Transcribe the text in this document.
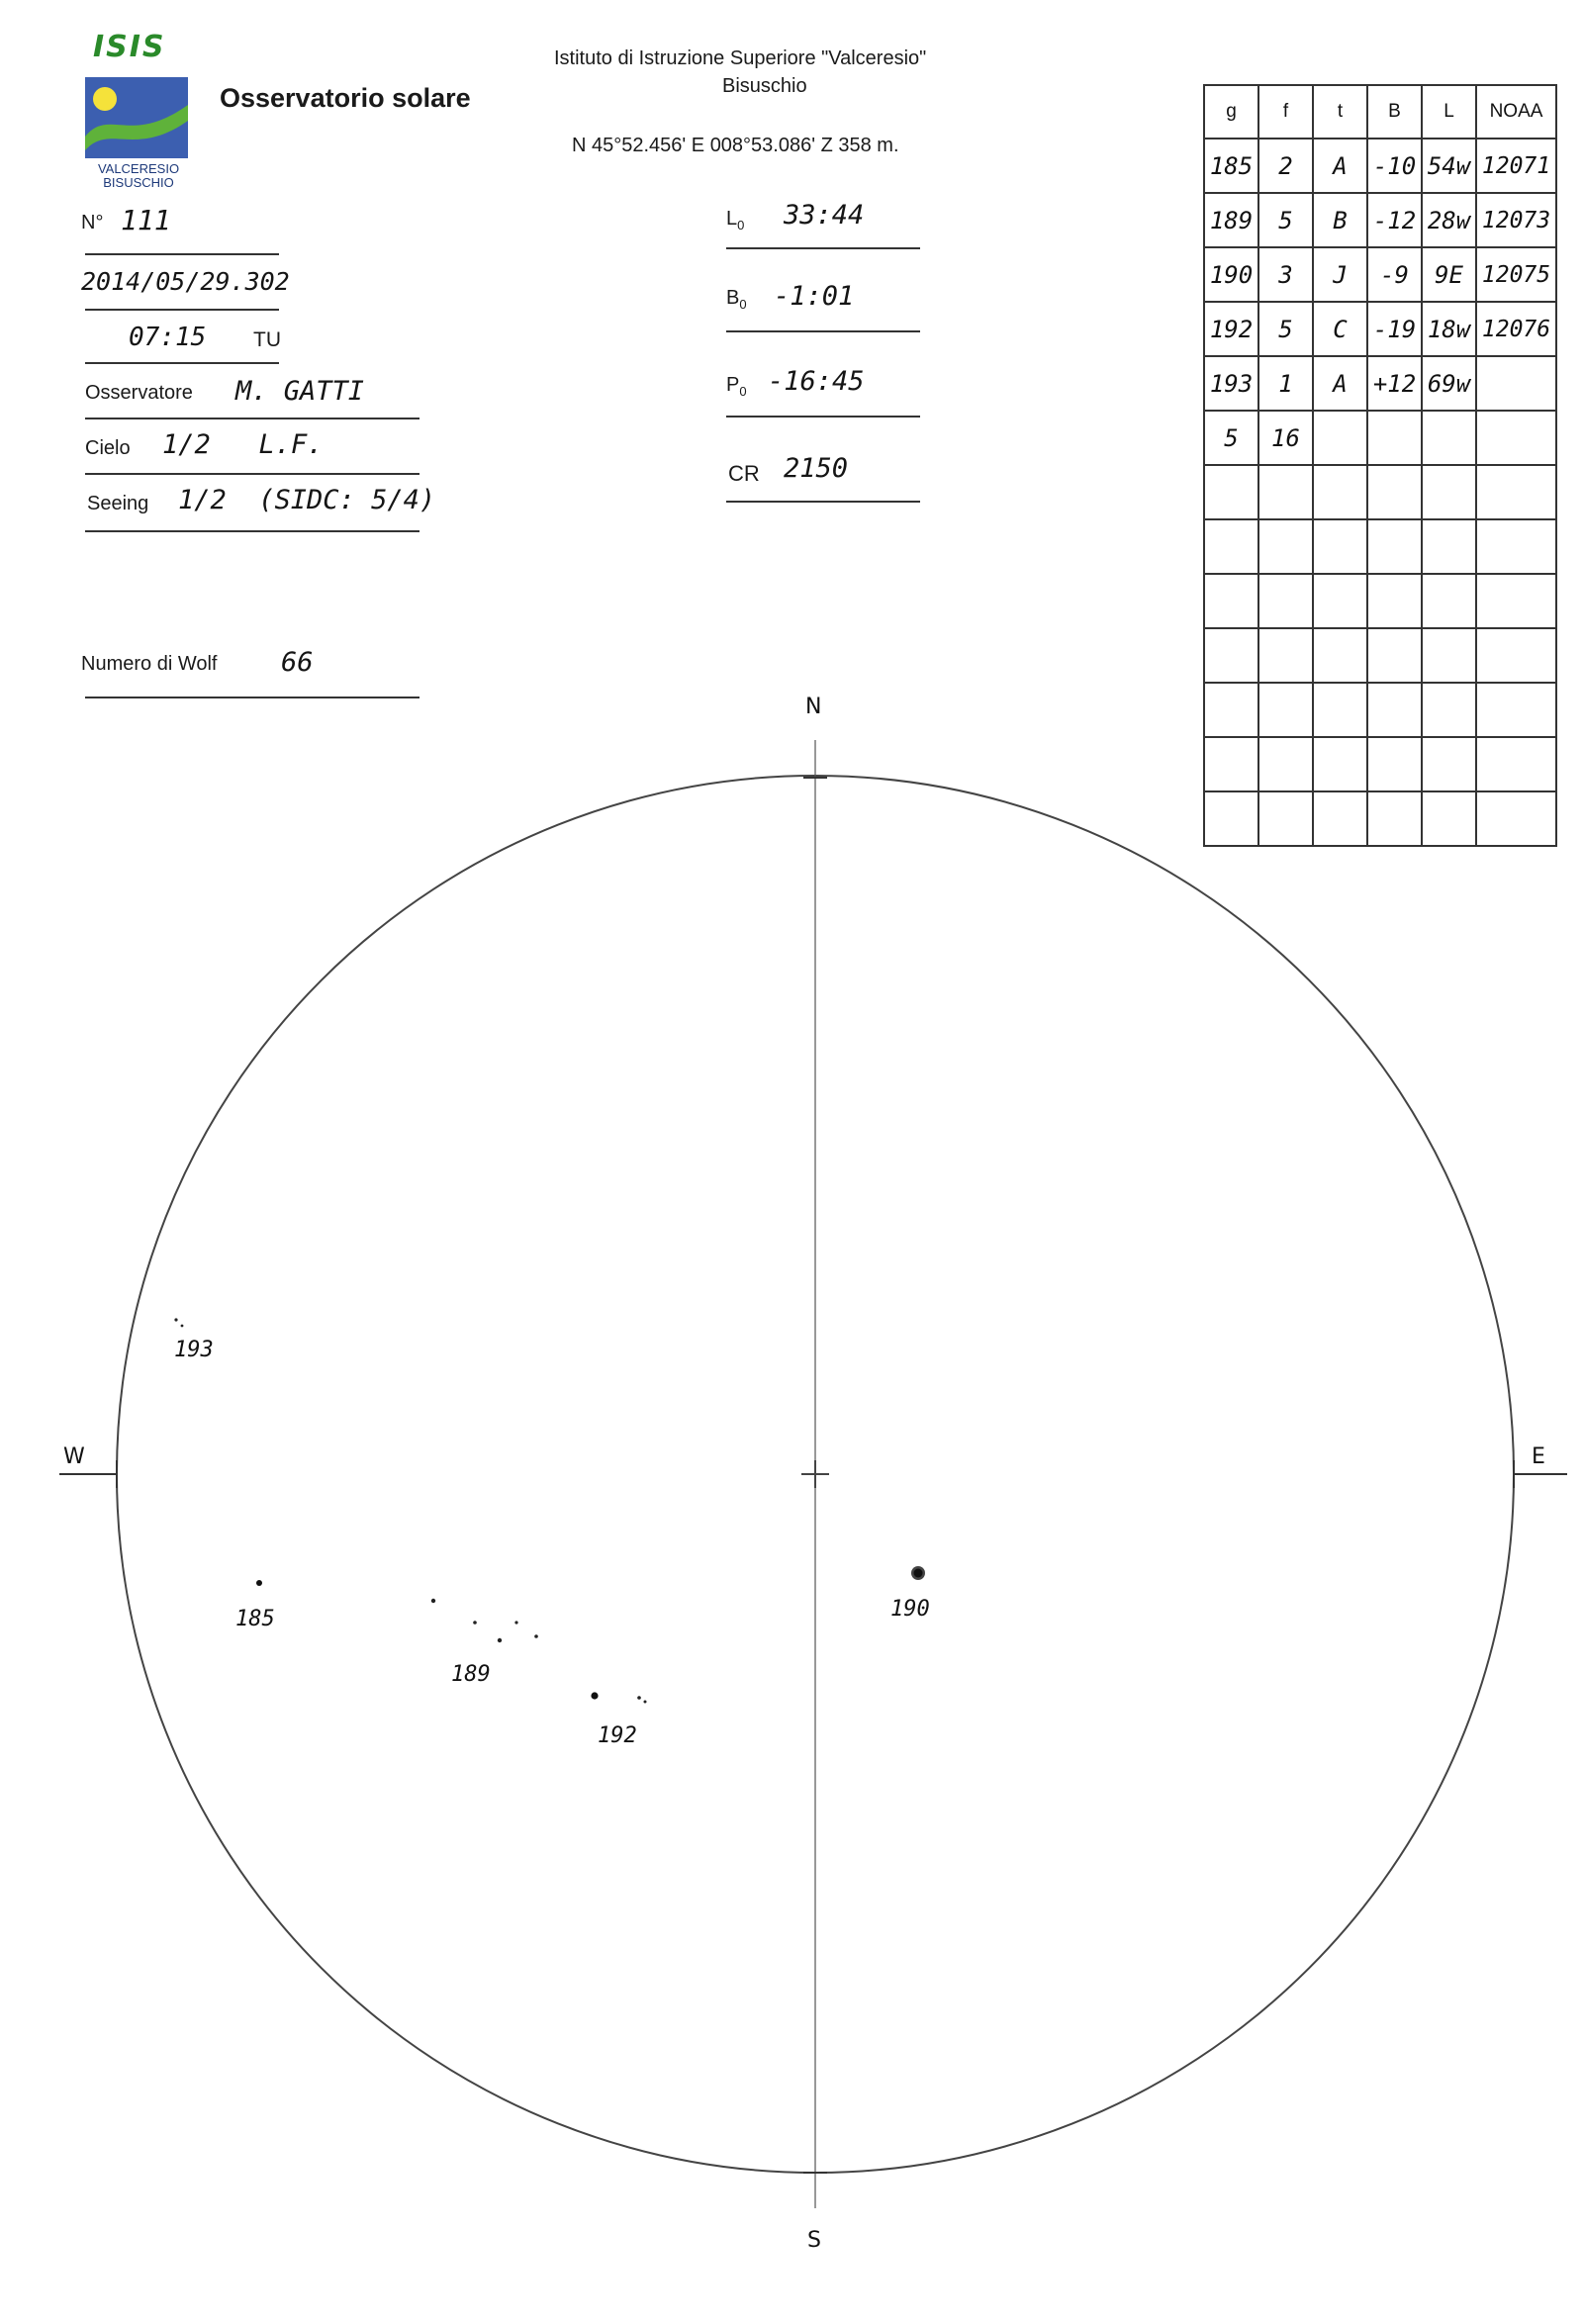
ISIS
VALCERESIO
BISUSCHIO
Osservatorio solare
Istituto di Istruzione Superiore "Valceresio"
Bisuschio
N 45°52.456' E 008°53.086' Z 358 m.
N° 111
2014/05/29.302
07:15 TU
Osservatore M. GATTI
Cielo 1/2   L.F.
Seeing 1/2  (SIDC: 5/4)
Numero di Wolf 66
$L_0$ 33:44
$B_0$ -1:01
$P_0$ -16:45
CR 2150
g	f	t	B	L	NOAA
185	2	A	-10	54w	12071
189	5	B	-12	28w	12073
190	3	J	-9	9E	12075
192	5	C	-19	18w	12076
193	1	A	+12	69w	
5	16				

N
S
W	E
193
185
189
192
190
